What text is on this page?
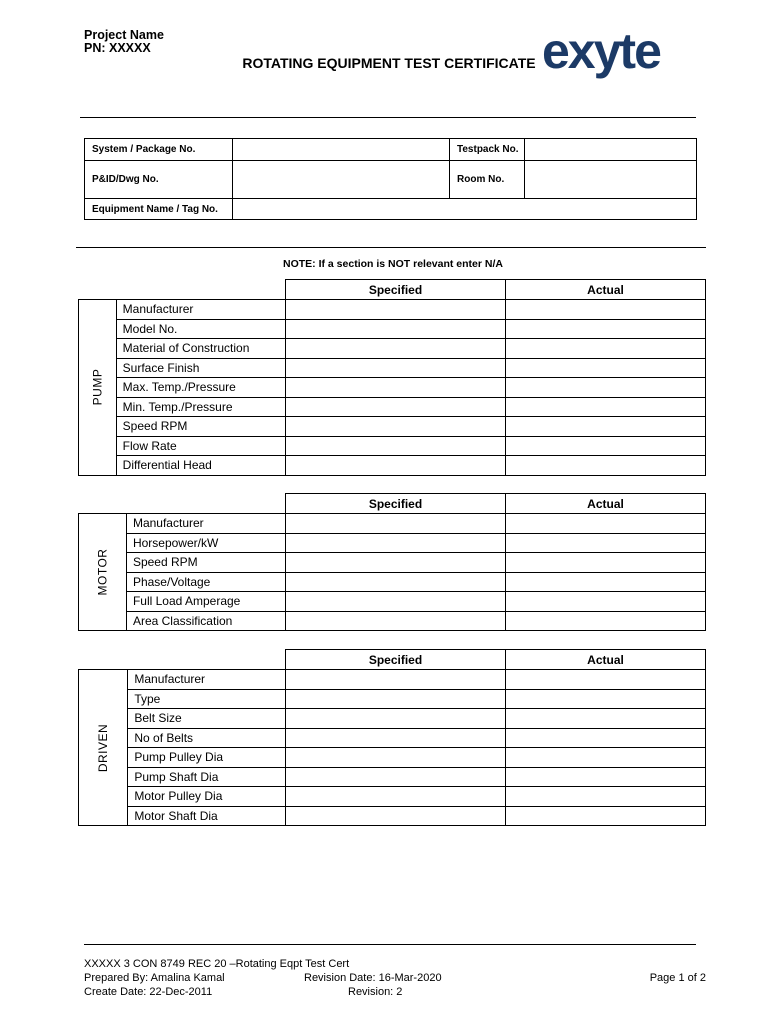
Project Name
PN: XXXXX
ROTATING EQUIPMENT TEST CERTIFICATE exyte
System / Package No.		Testpack No.	
P&ID/Dwg No.		Room No.	
Equipment Name / Tag No.			
NOTE: If a section is NOT relevant enter N/A
		Specified	Actual
PUMP	Manufacturer		
	Model No.		
	Material of Construction		
	Surface Finish		
	Max. Temp./Pressure		
	Min. Temp./Pressure		
	Speed RPM		
	Flow Rate		
	Differential Head		
		Specified	Actual
MOTOR	Manufacturer		
	Horsepower/kW		
	Speed RPM		
	Phase/Voltage		
	Full Load Amperage		
	Area Classification		
		Specified	Actual
DRIVEN	Manufacturer		
	Type		
	Belt Size		
	No of Belts		
	Pump Pulley Dia		
	Pump Shaft Dia		
	Motor Pulley Dia		
	Motor Shaft Dia		
XXXXX 3 CON 8749 REC 20 –Rotating Eqpt Test Cert
Prepared By: Amalina Kamal	Revision Date: 16-Mar-2020	Page 1 of 2
Create Date: 22-Dec-2011	Revision: 2
